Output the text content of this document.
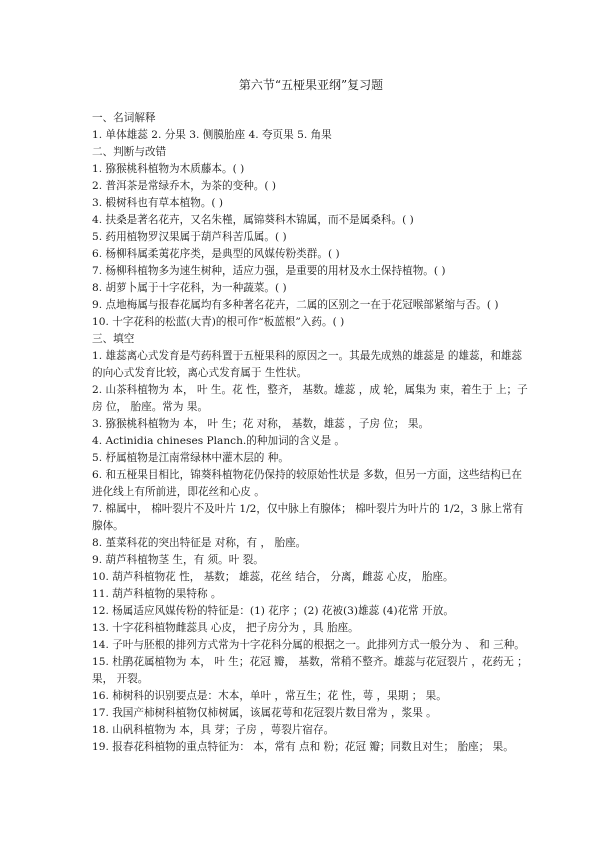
第六节“五桠果亚纲”复习题
一、名词解释
1. 单体雄蕊 2. 分果 3. 侧膜胎座 4. 夸页果 5. 角果
二、判断与改错
1. 猕猴桃科植物为木质藤本。( )
2. 普洱茶是常绿乔木，为茶的变种。( )
3. 椴树科也有草本植物。( )
4. 扶桑是著名花卉，又名朱槿，属锦葵科木锦属，而不是属桑科。( )
5. 药用植物罗汉果属于葫芦科苦瓜属。( )
6. 杨柳科属柔荑花序类，是典型的风媒传粉类群。( )
7. 杨柳科植物多为速生树种，适应力强，是重要的用材及水土保持植物。( )
8. 胡萝卜属于十字花科，为一种蔬菜。( )
9. 点地梅属与报春花属均有多种著名花卉，二属的区别之一在于花冠喉部紧缩与否。( )
10. 十字花科的松蓝(大青)的根可作“板蓝根”入药。( )
三、填空
1. 雄蕊离心式发育是芍药科置于五桠果科的原因之一。其最先成熟的雄蕊是 的雄蕊，和雄蕊的向心式发育比较，离心式发育属于 生性状。
2. 山茶科植物为 本， 叶 生。花 性，整齐， 基数。雄蕊 ，成 轮，属集为 束，着生于 上；子房 位， 胎座。常为 果。
3. 猕猴桃科植物为 本， 叶 生；花 对称， 基数，雄蕊 ，子房 位； 果。
4. Actinidia chineses Planch.的种加词的含义是 。
5. 杼属植物是江南常绿林中灌木层的 种。
6. 和五桠果目相比，锦葵科植物花仍保持的较原始性状是 多数，但另一方面，这些结构已在进化线上有所前进，即花丝和心皮 。
7. 棉属中， 棉叶裂片不及叶片 1/2，仅中脉上有腺体； 棉叶裂片为叶片的 1/2，3 脉上常有腺体。
8. 堇菜科花的突出特征是 对称，有 ， 胎座。
9. 葫芦科植物茎 生，有 须。叶 裂。
10. 葫芦科植物花 性， 基数； 雄蕊，花丝 结合， 分离，雌蕊 心皮， 胎座。
11. 葫芦科植物的果特称 。
12. 杨属适应风媒传粉的特征是：(1) 花序 ；(2) 花被(3)雄蕊 (4)花常 开放。
13. 十字花科植物雌蕊具 心皮， 把子房分为 ，具 胎座。
14. 子叶与胚根的排列方式常为十字花科分属的根据之一。此排列方式一般分为 、 和 三种。
15. 杜鹃花属植物为 本， 叶 生；花冠 瓣， 基数，常稍不整齐。雄蕊与花冠裂片 ，花药无 ； 果， 开裂。
16. 柿树科的识别要点是：木本，单叶 ，常互生；花 性，萼 ，果期 ； 果。
17. 我国产柿树科植物仅柿树属，该属花萼和花冠裂片数目常为 ，浆果 。
18. 山矾科植物为 本，具 芽；子房 ，萼裂片宿存。
19. 报春花科植物的重点特征为： 本，常有 点和 粉；花冠 瓣；同数且对生； 胎座； 果。
